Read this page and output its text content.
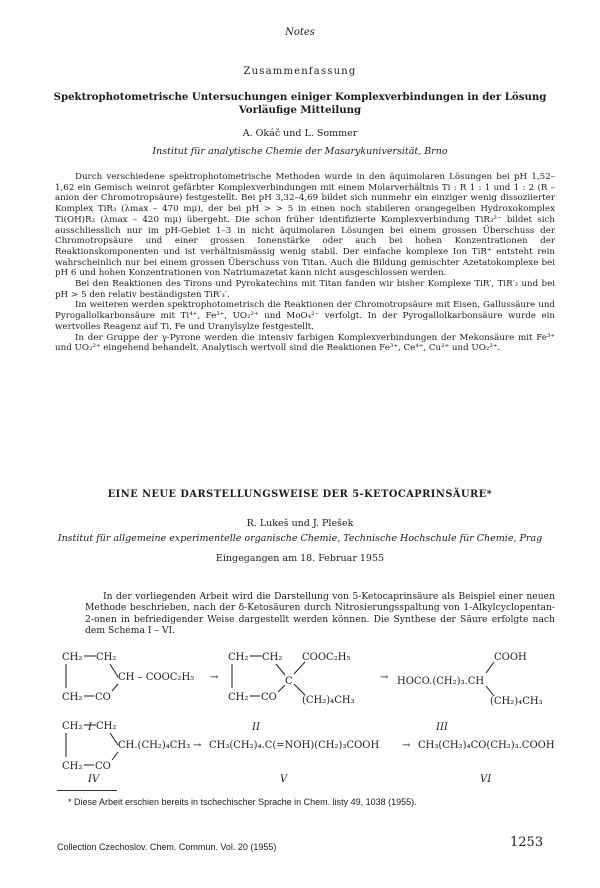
Notes
Zusammenfassung
Spektrophotometrische Untersuchungen einiger Komplexverbindungen in der Lösung Vorläufige Mitteilung
A. Okáč und L. Sommer
Institut für analytische Chemie der Masarykuniversität, Brno

Durch verschiedene spektrophotometrische Methoden wurde in den äquimolaren Lösungen bei pH 1,52–1,62 ein Gemisch weinrot gefärbter Komplexverbindungen mit einem Molarverhältnis Ti : R 1 : 1 und 1 : 2 (R – anion der Chromotropsäure) festgestellt. Bei pH 3,32–4,69 bildet sich nunmehr ein einziger wenig dissoziierter Komplex TiR₃ (λmax – 470 mμ), der bei pH > > 5 in einen noch stabileren orangegelben Hydroxokomplex Ti(OH)R₃ (λmax – 420 mμ) übergeht. Die schon früher identifizierte Komplexverbindung TiR₃²⁻ bildet sich ausschliesslich nur im pH-Gebiet 1–3 in nicht äquimolaren Lösungen bei einem grossen Überschuss der Chromotropsäure und einer grossen Ionenstärke oder auch bei hohen Konzentrationen der Reaktionskomponenten und ist verhältnismässig wenig stabil. Der einfache komplexe Ion TiR⁺ entsteht rein wahrscheinlich nur bei einem grossen Überschuss von Titan. Auch die Bildung gemischter Azetatokomplexe bei pH 6 und hohen Konzentrationen von Natriumazetat kann nicht ausgeschlossen werden.

Bei den Reaktionen des Tirons und Pyrokatechins mit Titan fanden wir bisher Komplexe TiR′, TiR′₂ und bei pH > 5 den relativ beständigsten TiR′₃′.

Im weiteren werden spektrophotometrisch die Reaktionen der Chromotropsäure mit Eisen, Gallussäure und Pyrogallolkarbonsäure mit Ti⁴⁺, Fe³⁺, UO₂²⁺ und MoO₄²⁻ verfolgt. In der Pyrogallolkarbonsäure wurde ein wertvolles Reagenz auf Ti, Fe und Uranylsylze festgestellt.

In der Gruppe der γ-Pyrone werden die intensiv farbigen Komplexverbindungen der Mekonsäure mit Fe³⁺ und UO₂²⁺ eingehend behandelt. Analytisch wertvoll sind die Reaktionen Fe³⁺, Ce⁴⁺, Cu²⁺ und UO₂²⁺.

EINE NEUE DARSTELLUNGSWEISE DER 5-KETOCAPRINSÄURE*
R. Lukeš und J. Plešek
Institut für allgemeine experimentelle organische Chemie, Technische Hochschule für Chemie, Prag
Eingegangen am 18. Februar 1955
In der vorliegenden Arbeit wird die Darstellung von 5-Ketocaprinsäure als Beispiel einer neuen Methode beschrieben, nach der δ-Ketosäuren durch Nitrosierungsspaltung von 1-Alkylcyclopentan-2-onen in befriedigender Weise dargestellt werden können. Die Synthese der Säure erfolgte nach dem Schema I – VI.
CH₂ CH₂
CH – COOC₂H₅
CH₂ CO
I
→
CH₂ CH₂
C
COOC₂H₅
(CH₂)₄CH₃
CH₂ CO
II
→ HOCO.(CH₂)₃.CH
COOH
(CH₂)₄CH₃
III
CH₂ CH₂
CH.(CH₂)₄CH₃
CH₂ CO
IV
→ CH₃(CH₂)₄.C(=NOH)(CH₂)₃COOH
V
→ CH₃(CH₂)₄CO(CH₂)₃.COOH
VI
* Diese Arbeit erschien bereits in tschechischer Sprache in Chem. listy 49, 1038 (1955).
Collection Czechoslov. Chem. Commun. Vol. 20 (1955)	1253
